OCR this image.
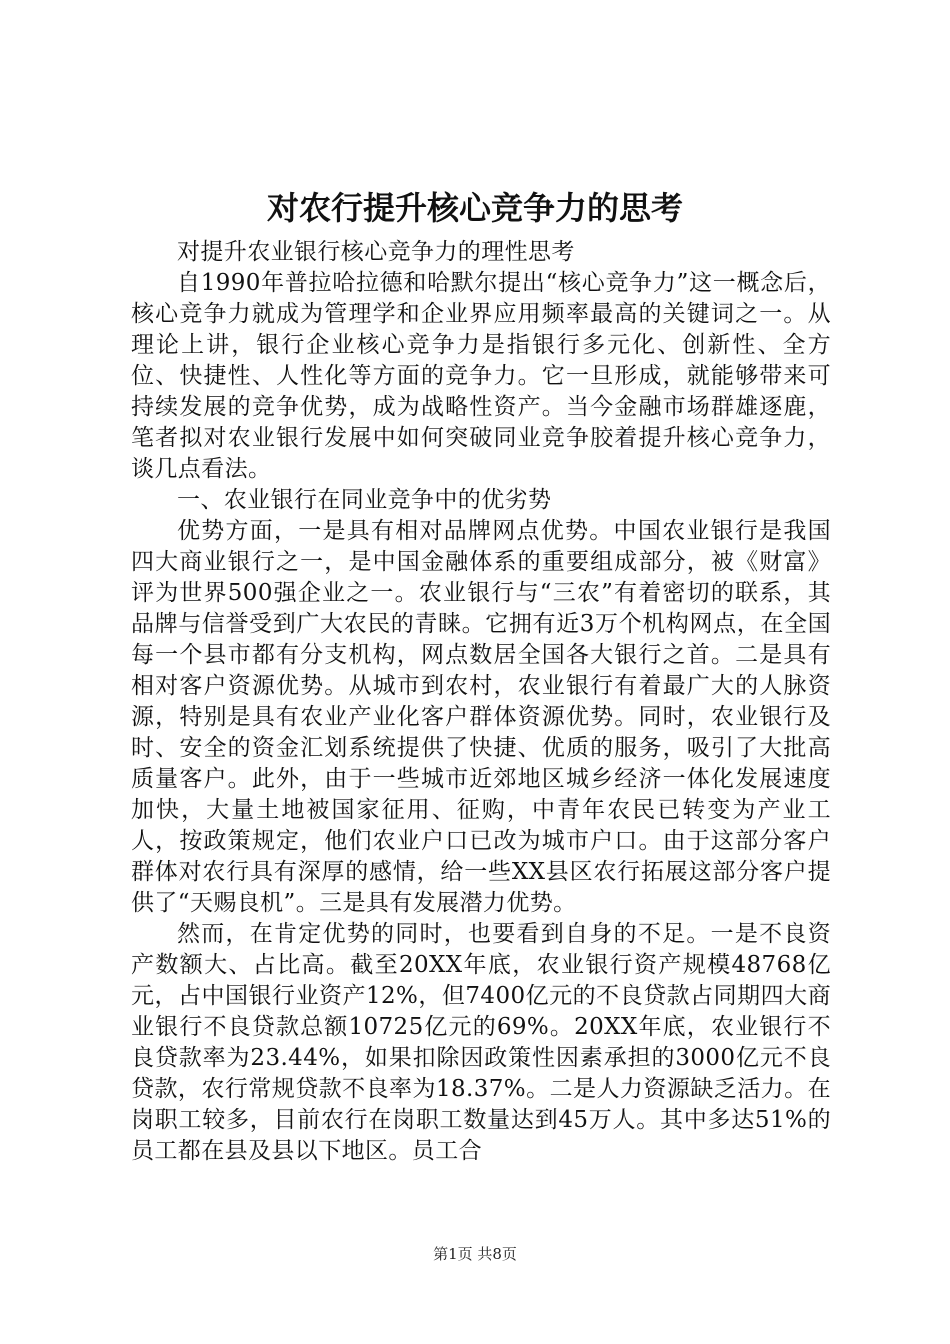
对农行提升核心竞争力的思考

对提升农业银行核心竞争力的理性思考

自1990年普拉哈拉德和哈默尔提出“核心竞争力”这一概念后，核心竞争力就成为管理学和企业界应用频率最高的关键词之一。从理论上讲，银行企业核心竞争力是指银行多元化、创新性、全方位、快捷性、人性化等方面的竞争力。它一旦形成，就能够带来可持续发展的竞争优势，成为战略性资产。当今金融市场群雄逐鹿，笔者拟对农业银行发展中如何突破同业竞争胶着提升核心竞争力，谈几点看法。

一、农业银行在同业竞争中的优劣势

优势方面，一是具有相对品牌网点优势。中国农业银行是我国四大商业银行之一，是中国金融体系的重要组成部分，被《财富》评为世界500强企业之一。农业银行与“三农”有着密切的联系，其品牌与信誉受到广大农民的青睐。它拥有近3万个机构网点，在全国每一个县市都有分支机构，网点数居全国各大银行之首。二是具有相对客户资源优势。从城市到农村，农业银行有着最广大的人脉资源，特别是具有农业产业化客户群体资源优势。同时，农业银行及时、安全的资金汇划系统提供了快捷、优质的服务，吸引了大批高质量客户。此外，由于一些城市近郊地区城乡经济一体化发展速度加快，大量土地被国家征用、征购，中青年农民已转变为产业工人，按政策规定，他们农业户口已改为城市户口。由于这部分客户群体对农行具有深厚的感情，给一些XX县区农行拓展这部分客户提供了“天赐良机”。三是具有发展潜力优势。

然而，在肯定优势的同时，也要看到自身的不足。一是不良资产数额大、占比高。截至20XX年底，农业银行资产规模48768亿元，占中国银行业资产12%，但7400亿元的不良贷款占同期四大商业银行不良贷款总额10725亿元的69%。20XX年底，农业银行不良贷款率为23.44%，如果扣除因政策性因素承担的3000亿元不良贷款，农行常规贷款不良率为18.37%。二是人力资源缺乏活力。在岗职工较多，目前农行在岗职工数量达到45万人。其中多达51%的员工都在县及县以下地区。员工合

第1页 共8页
